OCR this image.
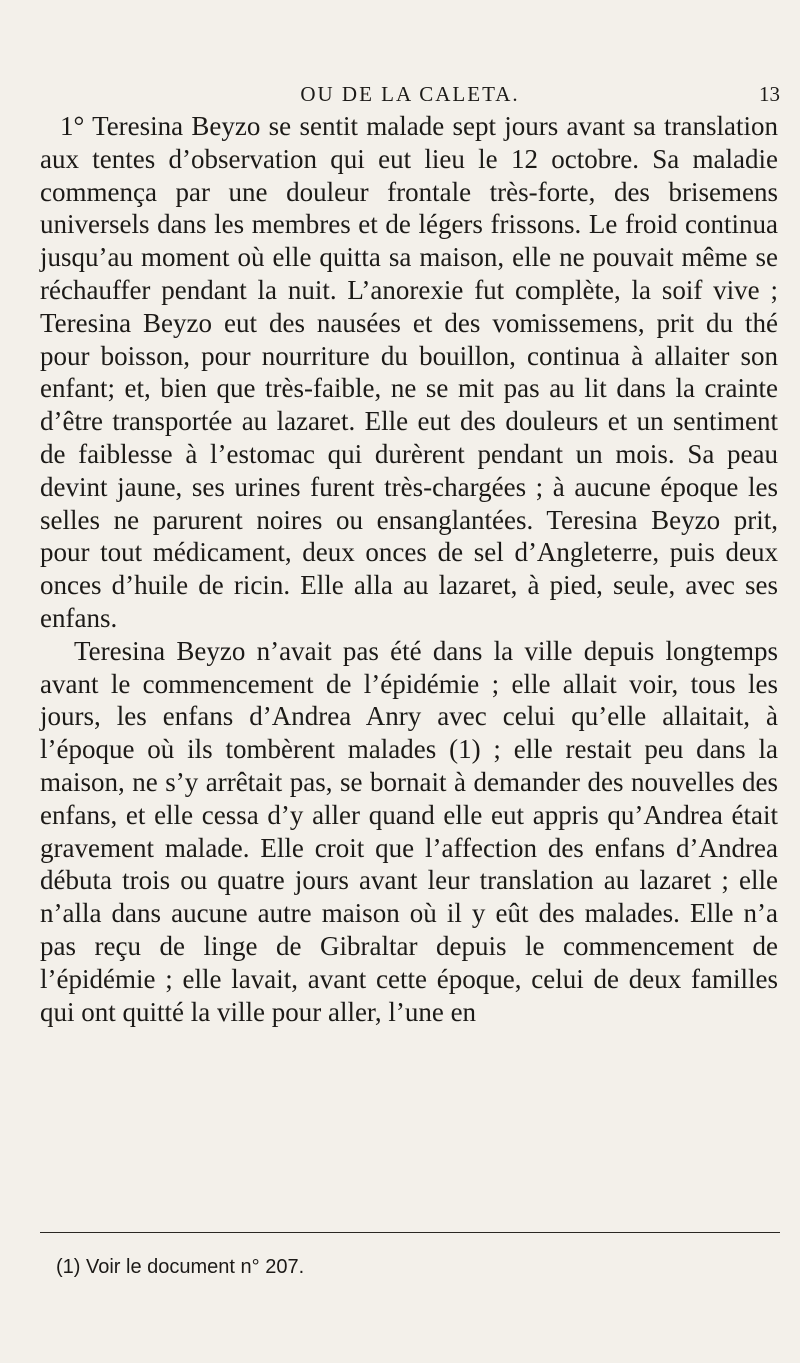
OU DE LA CALETA.	13

1° Teresina Beyzo se sentit malade sept jours avant sa translation aux tentes d’observation qui eut lieu le 12 octobre. Sa maladie commença par une douleur frontale très-forte, des brisemens universels dans les membres et de légers frissons. Le froid continua jusqu’au moment où elle quitta sa maison, elle ne pouvait même se réchauffer pendant la nuit. L’anorexie fut complète, la soif vive ; Teresina Beyzo eut des nausées et des vomissemens, prit du thé pour boisson, pour nourriture du bouillon, continua à allaiter son enfant; et, bien que très-faible, ne se mit pas au lit dans la crainte d’être transportée au lazaret. Elle eut des douleurs et un sentiment de faiblesse à l’estomac qui durèrent pendant un mois. Sa peau devint jaune, ses urines furent très-chargées ; à aucune époque les selles ne parurent noires ou ensanglantées. Teresina Beyzo prit, pour tout médicament, deux onces de sel d’Angleterre, puis deux onces d’huile de ricin. Elle alla au lazaret, à pied, seule, avec ses enfans.

Teresina Beyzo n’avait pas été dans la ville depuis longtemps avant le commencement de l’épidémie ; elle allait voir, tous les jours, les enfans d’Andrea Anry avec celui qu’elle allaitait, à l’époque où ils tombèrent malades (1) ; elle restait peu dans la maison, ne s’y arrêtait pas, se bornait à demander des nouvelles des enfans, et elle cessa d’y aller quand elle eut appris qu’Andrea était gravement malade. Elle croit que l’affection des enfans d’Andrea débuta trois ou quatre jours avant leur translation au lazaret ; elle n’alla dans aucune autre maison où il y eût des malades. Elle n’a pas reçu de linge de Gibraltar depuis le commencement de l’épidémie ; elle lavait, avant cette époque, celui de deux familles qui ont quitté la ville pour aller, l’une en

(1) Voir le document n° 207.
